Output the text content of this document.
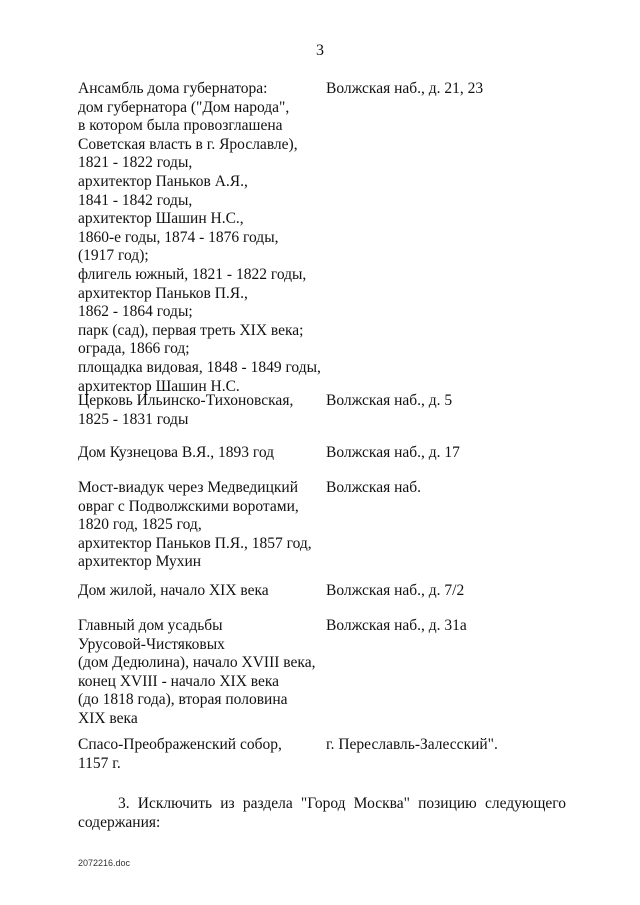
3
Ансамбль дома губернатора:
дом губернатора ("Дом народа",
в котором была провозглашена
Советская власть в г. Ярославле),
1821 - 1822 годы,
архитектор Паньков А.Я.,
1841 - 1842 годы,
архитектор Шашин Н.С.,
1860-е годы, 1874 - 1876 годы,
(1917 год);
флигель южный, 1821 - 1822 годы,
архитектор Паньков П.Я.,
1862 - 1864 годы;
парк (сад), первая треть XIX века;
ограда, 1866 год;
площадка видовая, 1848 - 1849 годы,
архитектор Шашин Н.С.
Волжская наб., д. 21, 23
Церковь Ильинско-Тихоновская,
1825 - 1831 годы
Волжская наб., д. 5
Дом Кузнецова В.Я., 1893 год	Волжская наб., д. 17
Мост-виадук через Медведицкий
овраг с Подволжскими воротами,
1820 год, 1825 год,
архитектор Паньков П.Я., 1857 год,
архитектор Мухин
Волжская наб.
Дом жилой, начало XIX века	Волжская наб., д. 7/2
Главный дом усадьбы
Урусовой-Чистяковых
(дом Дедюлина), начало XVIII века,
конец XVIII - начало XIX века
(до 1818 года), вторая половина
XIX века
Волжская наб., д. 31а
Спасо-Преображенский собор,
1157 г.
г. Переславль-Залесский".
3. Исключить из раздела "Город Москва" позицию следующего
содержания:
2072216.doc
